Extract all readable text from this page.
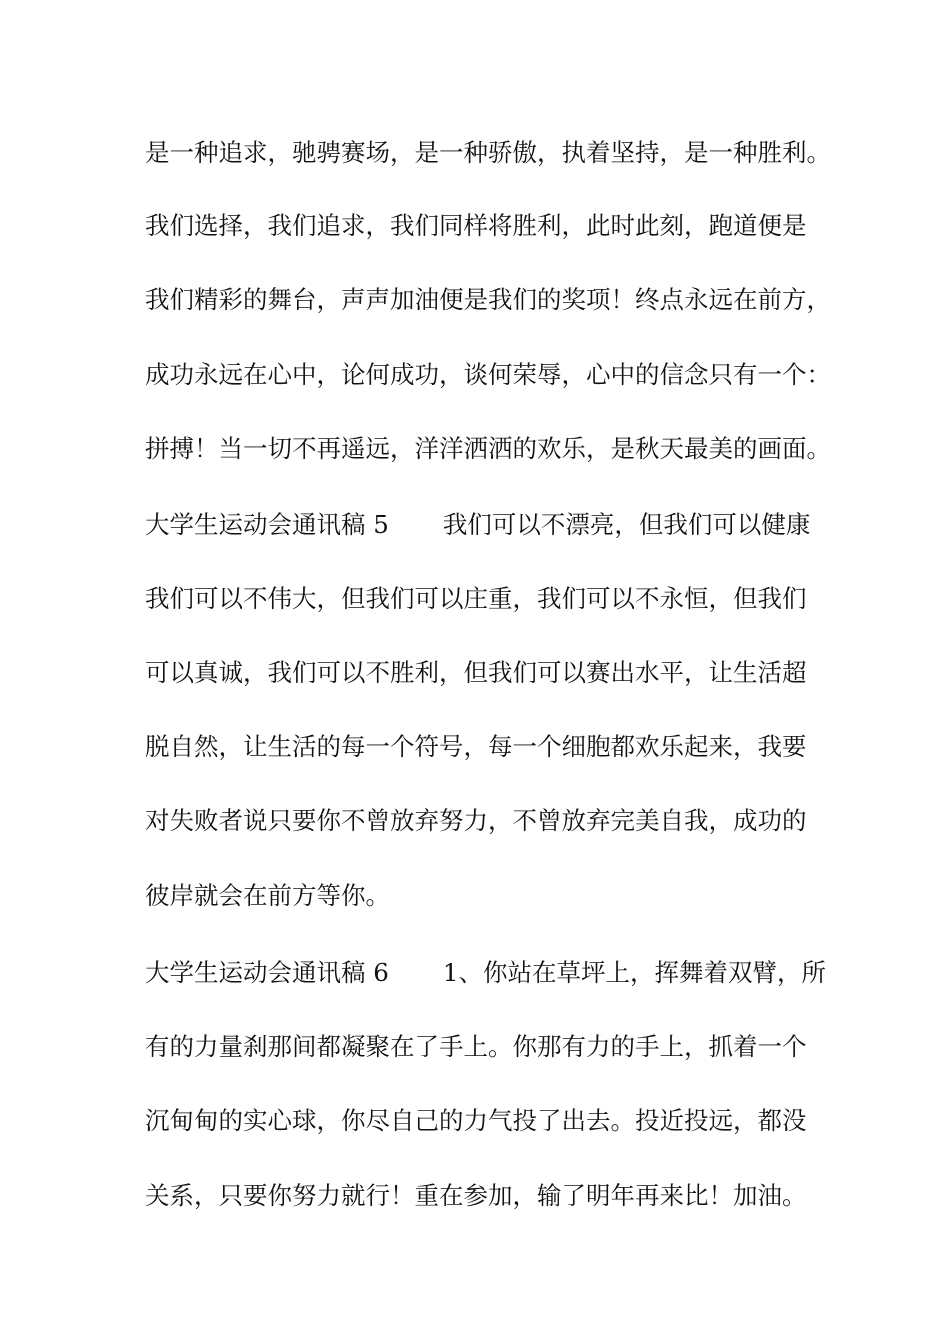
是一种追求，驰骋赛场，是一种骄傲，执着坚持，是一种胜利。
我们选择，我们追求，我们同样将胜利，此时此刻，跑道便是
我们精彩的舞台，声声加油便是我们的奖项！终点永远在前方，
成功永远在心中，论何成功，谈何荣辱，心中的信念只有一个：
拼搏！当一切不再遥远，洋洋洒洒的欢乐，是秋天最美的画面。
大学生运动会通讯稿 5 我们可以不漂亮，但我们可以健康
我们可以不伟大，但我们可以庄重，我们可以不永恒，但我们
可以真诚，我们可以不胜利，但我们可以赛出水平，让生活超
脱自然，让生活的每一个符号，每一个细胞都欢乐起来，我要
对失败者说只要你不曾放弃努力，不曾放弃完美自我，成功的
彼岸就会在前方等你。
大学生运动会通讯稿 6 1、你站在草坪上，挥舞着双臂，所
有的力量刹那间都凝聚在了手上。你那有力的手上，抓着一个
沉甸甸的实心球，你尽自己的力气投了出去。投近投远，都没
关系，只要你努力就行！重在参加，输了明年再来比！加油。
